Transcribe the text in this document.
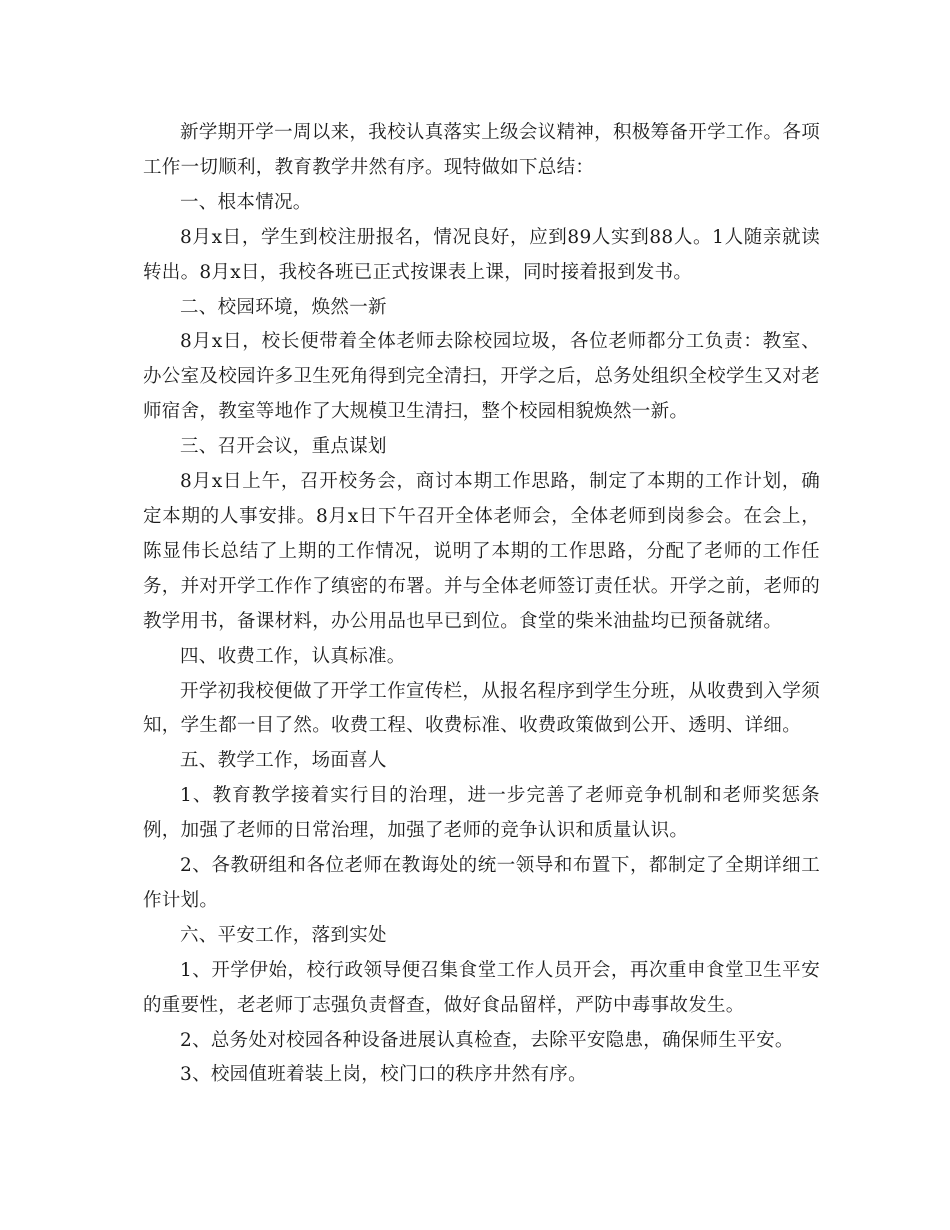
新学期开学一周以来，我校认真落实上级会议精神，积极筹备开学工作。各项工作一切顺利，教育教学井然有序。现特做如下总结：

一、根本情况。

8月x日，学生到校注册报名，情况良好，应到89人实到88人。1人随亲就读转出。8月x日，我校各班已正式按课表上课，同时接着报到发书。

二、校园环境，焕然一新

8月x日，校长便带着全体老师去除校园垃圾，各位老师都分工负责：教室、办公室及校园许多卫生死角得到完全清扫，开学之后，总务处组织全校学生又对老师宿舍，教室等地作了大规模卫生清扫，整个校园相貌焕然一新。

三、召开会议，重点谋划

8月x日上午，召开校务会，商讨本期工作思路，制定了本期的工作计划，确定本期的人事安排。8月x日下午召开全体老师会，全体老师到岗参会。在会上，陈显伟长总结了上期的工作情况，说明了本期的工作思路，分配了老师的工作任务，并对开学工作作了缜密的布署。并与全体老师签订责任状。开学之前，老师的教学用书，备课材料，办公用品也早已到位。食堂的柴米油盐均已预备就绪。

四、收费工作，认真标准。

开学初我校便做了开学工作宣传栏，从报名程序到学生分班，从收费到入学须知，学生都一目了然。收费工程、收费标准、收费政策做到公开、透明、详细。

五、教学工作，场面喜人

1、教育教学接着实行目的治理，进一步完善了老师竞争机制和老师奖惩条例，加强了老师的日常治理，加强了老师的竞争认识和质量认识。

2、各教研组和各位老师在教诲处的统一领导和布置下，都制定了全期详细工作计划。

六、平安工作，落到实处

1、开学伊始，校行政领导便召集食堂工作人员开会，再次重申食堂卫生平安的重要性，老老师丁志强负责督查，做好食品留样，严防中毒事故发生。

2、总务处对校园各种设备进展认真检查，去除平安隐患，确保师生平安。

3、校园值班着装上岗，校门口的秩序井然有序。
